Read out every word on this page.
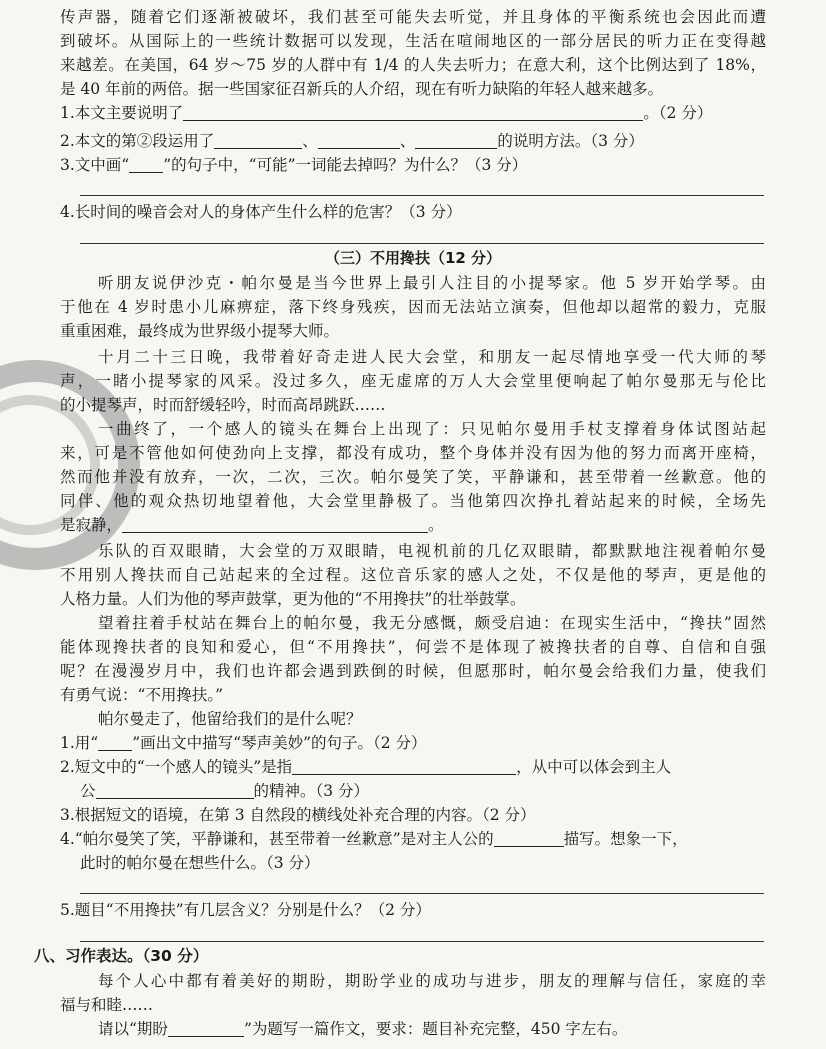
传声器，随着它们逐渐被破坏，我们甚至可能失去听觉，并且身体的平衡系统也会因此而遭
到破坏。从国际上的一些统计数据可以发现，生活在喧闹地区的一部分居民的听力正在变得越
来越差。在美国，64 岁～75 岁的人群中有 1/4 的人失去听力；在意大利，这个比例达到了 18%，
是 40 年前的两倍。据一些国家征召新兵的人介绍，现在有听力缺陷的年轻人越来越多。
1.本文主要说明了	。（2 分）
2.本文的第②段运用了	、	、	的说明方法。（3 分）
3.文中画“ ”的句子中，“可能”一词能去掉吗？为什么？（3 分）
4.长时间的噪音会对人的身体产生什么样的危害？（3 分）
（三）不用搀扶（12 分）
听朋友说伊沙克・帕尔曼是当今世界上最引人注目的小提琴家。他 5 岁开始学琴。由
于他在 4 岁时患小儿麻痹症，落下终身残疾，因而无法站立演奏，但他却以超常的毅力，克服
重重困难，最终成为世界级小提琴大师。
十月二十三日晚，我带着好奇走进人民大会堂，和朋友一起尽情地享受一代大师的琴
声，一睹小提琴家的风采。没过多久，座无虚席的万人大会堂里便响起了帕尔曼那无与伦比
的小提琴声，时而舒缓轻吟，时而高昂跳跃……
一曲终了，一个感人的镜头在舞台上出现了：只见帕尔曼用手杖支撑着身体试图站起
来，可是不管他如何使劲向上支撑，都没有成功，整个身体并没有因为他的努力而离开座椅，
然而他并没有放弃，一次，二次，三次。帕尔曼笑了笑，平静谦和，甚至带着一丝歉意。他的
同伴、他的观众热切地望着他，大会堂里静极了。当他第四次挣扎着站起来的时候，全场先
是寂静，	。
乐队的百双眼睛，大会堂的万双眼睛，电视机前的几亿双眼睛，都默默地注视着帕尔曼
不用别人搀扶而自己站起来的全过程。这位音乐家的感人之处，不仅是他的琴声，更是他的
人格力量。人们为他的琴声鼓掌，更为他的“不用搀扶”的壮举鼓掌。
望着拄着手杖站在舞台上的帕尔曼，我无分感慨，颇受启迪：在现实生活中，“搀扶”固然
能体现搀扶者的良知和爱心，但“不用搀扶”，何尝不是体现了被搀扶者的自尊、自信和自强
呢？在漫漫岁月中，我们也许都会遇到跌倒的时候，但愿那时，帕尔曼会给我们力量，使我们
有勇气说：“不用搀扶。”
帕尔曼走了，他留给我们的是什么呢？
1.用“ ”画出文中描写“琴声美妙”的句子。（2 分）
2.短文中的“一个感人的镜头”是指	，从中可以体会到主人
公	的精神。（3 分）
3.根据短文的语境，在第 3 自然段的横线处补充合理的内容。（2 分）
4.“帕尔曼笑了笑，平静谦和，甚至带着一丝歉意”是对主人公的	描写。想象一下，
此时的帕尔曼在想些什么。（3 分）
5.题目“不用搀扶”有几层含义？分别是什么？（2 分）
八、习作表达。（30 分）
每个人心中都有着美好的期盼，期盼学业的成功与进步，朋友的理解与信任，家庭的幸
福与和睦……
请以“期盼	”为题写一篇作文，要求：题目补充完整，450 字左右。
